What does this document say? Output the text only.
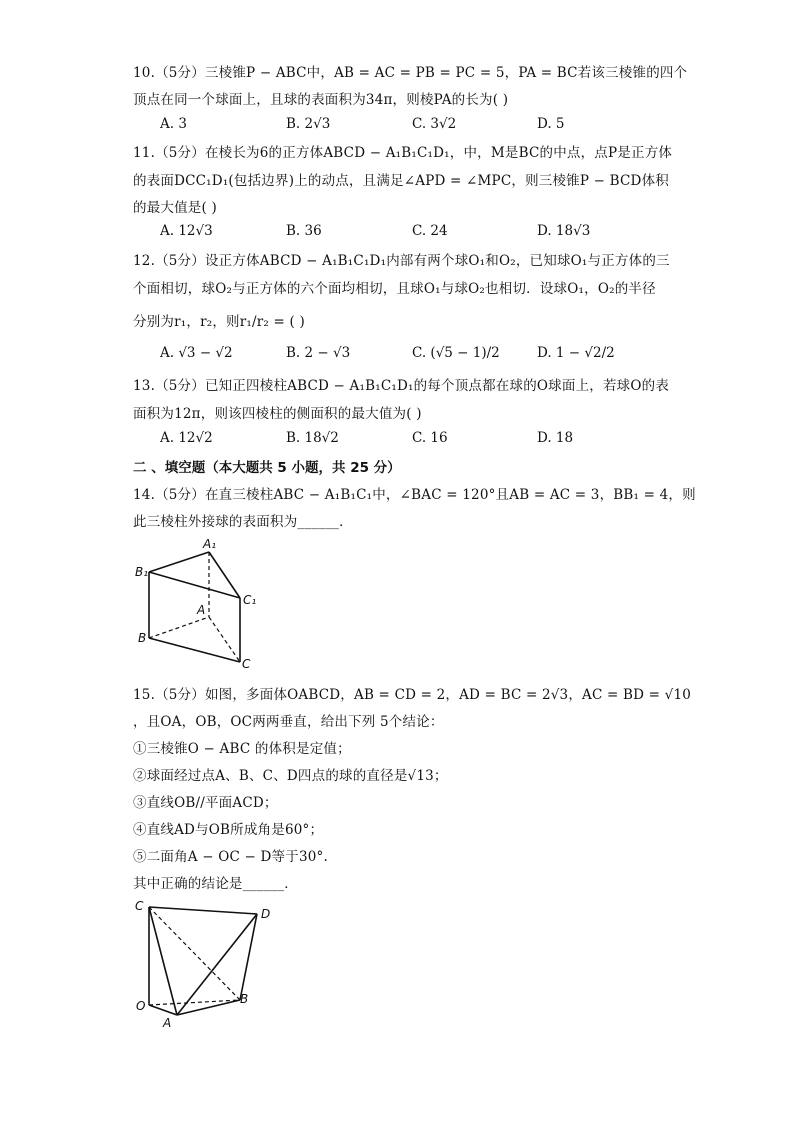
10.（5分）三棱锥P − ABC中，AB = AC = PB = PC = 5，PA = BC若该三棱锥的四个
顶点在同一个球面上，且球的表面积为34π，则棱PA的长为( )
A. 3	B. 2√3	C. 3√2	D. 5
11.（5分）在棱长为6的正方体ABCD − A₁B₁C₁D₁，中，M是BC的中点，点P是正方体
的表面DCC₁D₁(包括边界)上的动点，且满足∠APD = ∠MPC，则三棱锥P − BCD体积
的最大值是( )
A. 12√3	B. 36	C. 24	D. 18√3
12.（5分）设正方体ABCD − A₁B₁C₁D₁内部有两个球O₁和O₂，已知球O₁与正方体的三
个面相切，球O₂与正方体的六个面均相切，且球O₁与球O₂也相切．设球O₁，O₂的半径
分别为r₁，r₂，则r₁/r₂ = ( )
A. √3 − √2	B. 2 − √3	C. (√5 − 1)/2	D. 1 − √2/2
13.（5分）已知正四棱柱ABCD − A₁B₁C₁D₁的每个顶点都在球的O球面上，若球O的表
面积为12π，则该四棱柱的侧面积的最大值为( )
A. 12√2	B. 18√2	C. 16	D. 18
二 、填空题（本大题共 5 小题，共 25 分）
14.（5分）在直三棱柱ABC − A₁B₁C₁中，∠BAC = 120°且AB = AC = 3，BB₁ = 4，则
此三棱柱外接球的表面积为______．
A₁
B₁
C₁
A
B
C
15.（5分）如图，多面体OABCD，AB = CD = 2，AD = BC = 2√3，AC = BD = √10
，且OA，OB，OC两两垂直，给出下列 5个结论：
①三棱锥O − ABC 的体积是定值；
②球面经过点A、B、C、D四点的球的直径是√13；
③直线OB//平面ACD；
④直线AD与OB所成角是60°；
⑤二面角A − OC − D等于30°.
其中正确的结论是______．
C
D
O	B
A
